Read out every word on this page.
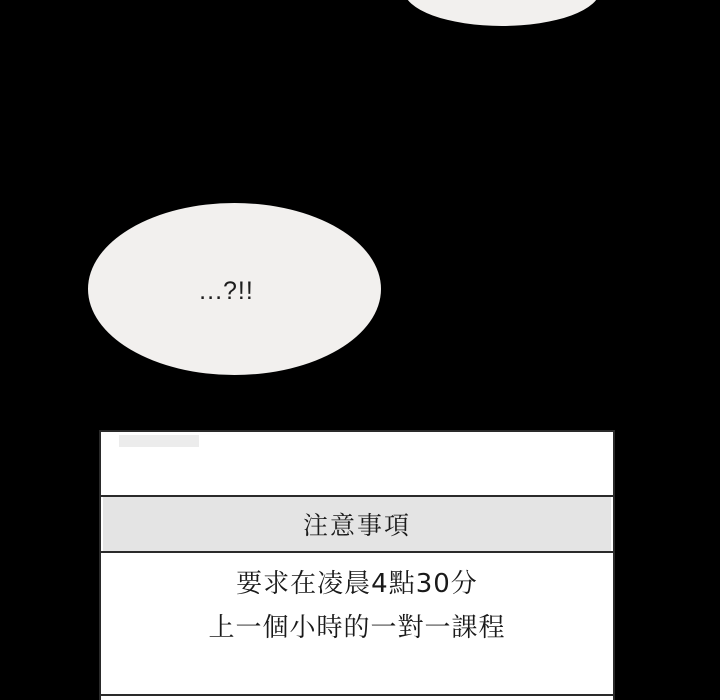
...?!!
注意事項
要求在凌晨4點30分
上一個小時的一對一課程
